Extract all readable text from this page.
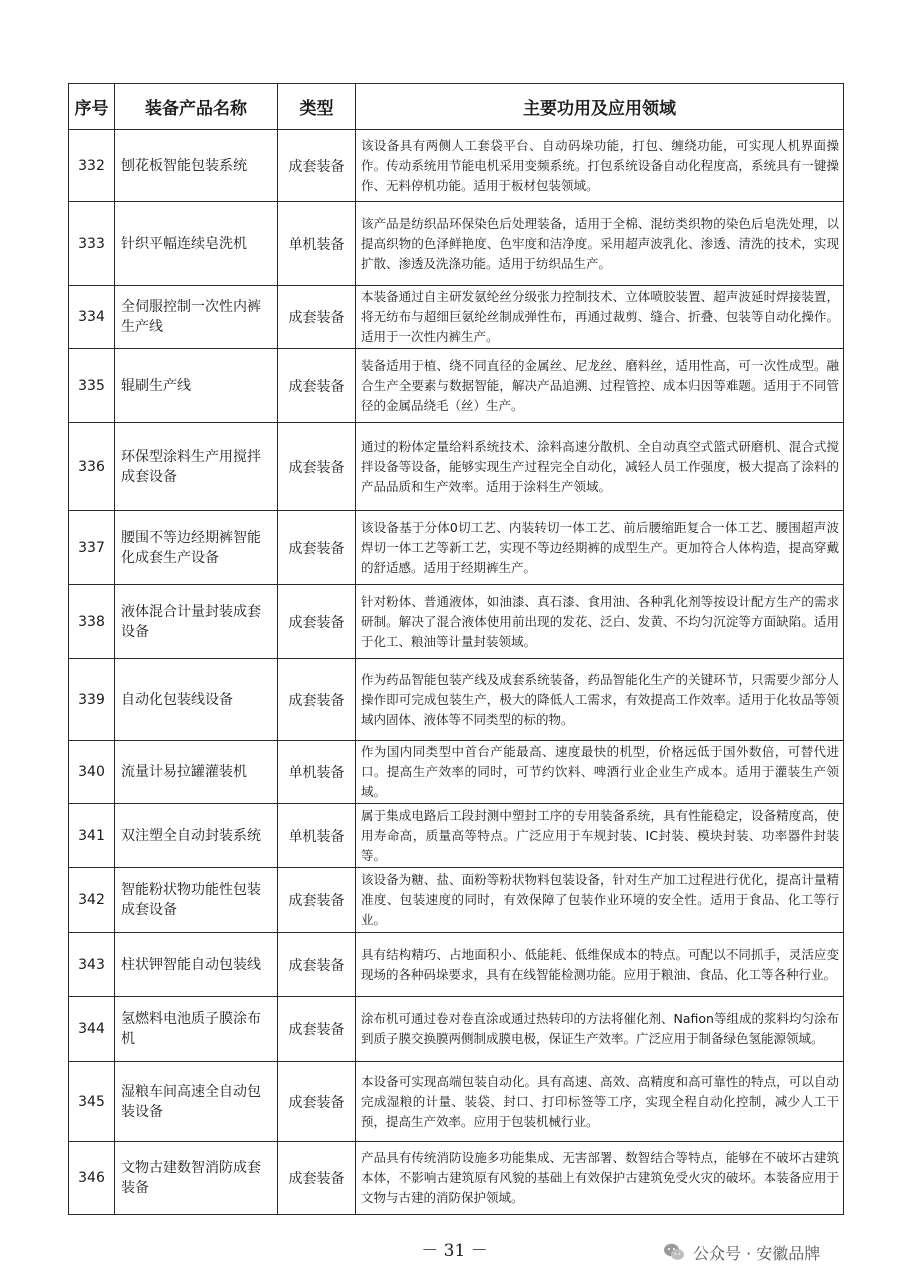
序号	装备产品名称	类型	主要功用及应用领域
332	刨花板智能包装系统	成套装备	该设备具有两侧人工套袋平台、自动码垛功能，打包、缠绕功能，可实现人机界面操作。传动系统用节能电机采用变频系统。打包系统设备自动化程度高，系统具有一键操作、无料停机功能。适用于板材包装领域。
333	针织平幅连续皂洗机	单机装备	该产品是纺织品环保染色后处理装备，适用于全棉、混纺类织物的染色后皂洗处理，以提高织物的色泽鲜艳度、色牢度和洁净度。采用超声波乳化、渗透、清洗的技术，实现扩散、渗透及洗涤功能。适用于纺织品生产。
334	全伺服控制一次性内裤生产线	成套装备	本装备通过自主研发氨纶丝分级张力控制技术、立体喷胶装置、超声波延时焊接装置，将无纺布与超细巨氨纶丝制成弹性布，再通过裁剪、缝合、折叠、包装等自动化操作。适用于一次性内裤生产。
335	辊刷生产线	成套装备	装备适用于植、绕不同直径的金属丝、尼龙丝、磨料丝，适用性高，可一次性成型。融合生产全要素与数据智能，解决产品追溯、过程管控、成本归因等难题。适用于不同管径的金属品绕毛（丝）生产。
336	环保型涂料生产用搅拌成套设备	成套装备	通过的粉体定量给料系统技术、涂料高速分散机、全自动真空式篮式研磨机、混合式搅拌设备等设备，能够实现生产过程完全自动化，减轻人员工作强度，极大提高了涂料的产品品质和生产效率。适用于涂料生产领域。
337	腰围不等边经期裤智能化成套生产设备	成套装备	该设备基于分体0切工艺、内装转切一体工艺、前后腰缩距复合一体工艺、腰围超声波焊切一体工艺等新工艺，实现不等边经期裤的成型生产。更加符合人体构造，提高穿戴的舒适感。适用于经期裤生产。
338	液体混合计量封装成套设备	成套装备	针对粉体、普通液体，如油漆、真石漆、食用油、各种乳化剂等按设计配方生产的需求研制。解决了混合液体使用前出现的发花、泛白、发黄、不均匀沉淀等方面缺陷。适用于化工、粮油等计量封装领域。
339	自动化包装线设备	成套装备	作为药品智能包装产线及成套系统装备，药品智能化生产的关键环节，只需要少部分人操作即可完成包装生产，极大的降低人工需求，有效提高工作效率。适用于化妆品等领域内固体、液体等不同类型的标的物。
340	流量计易拉罐灌装机	单机装备	作为国内同类型中首台产能最高、速度最快的机型，价格远低于国外数倍，可替代进口。提高生产效率的同时，可节约饮料、啤酒行业企业生产成本。适用于灌装生产领域。
341	双注塑全自动封装系统	单机装备	属于集成电路后工段封测中塑封工序的专用装备系统，具有性能稳定，设备精度高，使用寿命高，质量高等特点。广泛应用于车规封装、IC封装、模块封装、功率器件封装等。
342	智能粉状物功能性包装成套设备	成套装备	该设备为糖、盐、面粉等粉状物料包装设备，针对生产加工过程进行优化，提高计量精准度、包装速度的同时，有效保障了包装作业环境的安全性。适用于食品、化工等行业。
343	柱状钾智能自动包装线	成套装备	具有结构精巧、占地面积小、低能耗、低维保成本的特点。可配以不同抓手，灵活应变现场的各种码垛要求，具有在线智能检测功能。应用于粮油、食品、化工等各种行业。
344	氢燃料电池质子膜涂布机	成套装备	涂布机可通过卷对卷直涂或通过热转印的方法将催化剂、Nafion等组成的浆料均匀涂布到质子膜交换膜两侧制成膜电极，保证生产效率。广泛应用于制备绿色氢能源领域。
345	湿粮车间高速全自动包装设备	成套装备	本设备可实现高端包装自动化。具有高速、高效、高精度和高可靠性的特点，可以自动完成湿粮的计量、装袋、封口、打印标签等工序，实现全程自动化控制，减少人工干预，提高生产效率。应用于包装机械行业。
346	文物古建数智消防成套装备	成套装备	产品具有传统消防设施多功能集成、无害部署、数智结合等特点，能够在不破坏古建筑本体，不影响古建筑原有风貌的基础上有效保护古建筑免受火灾的破坏。本装备应用于文物与古建的消防保护领域。
－ 31 －	公众号 · 安徽品牌
